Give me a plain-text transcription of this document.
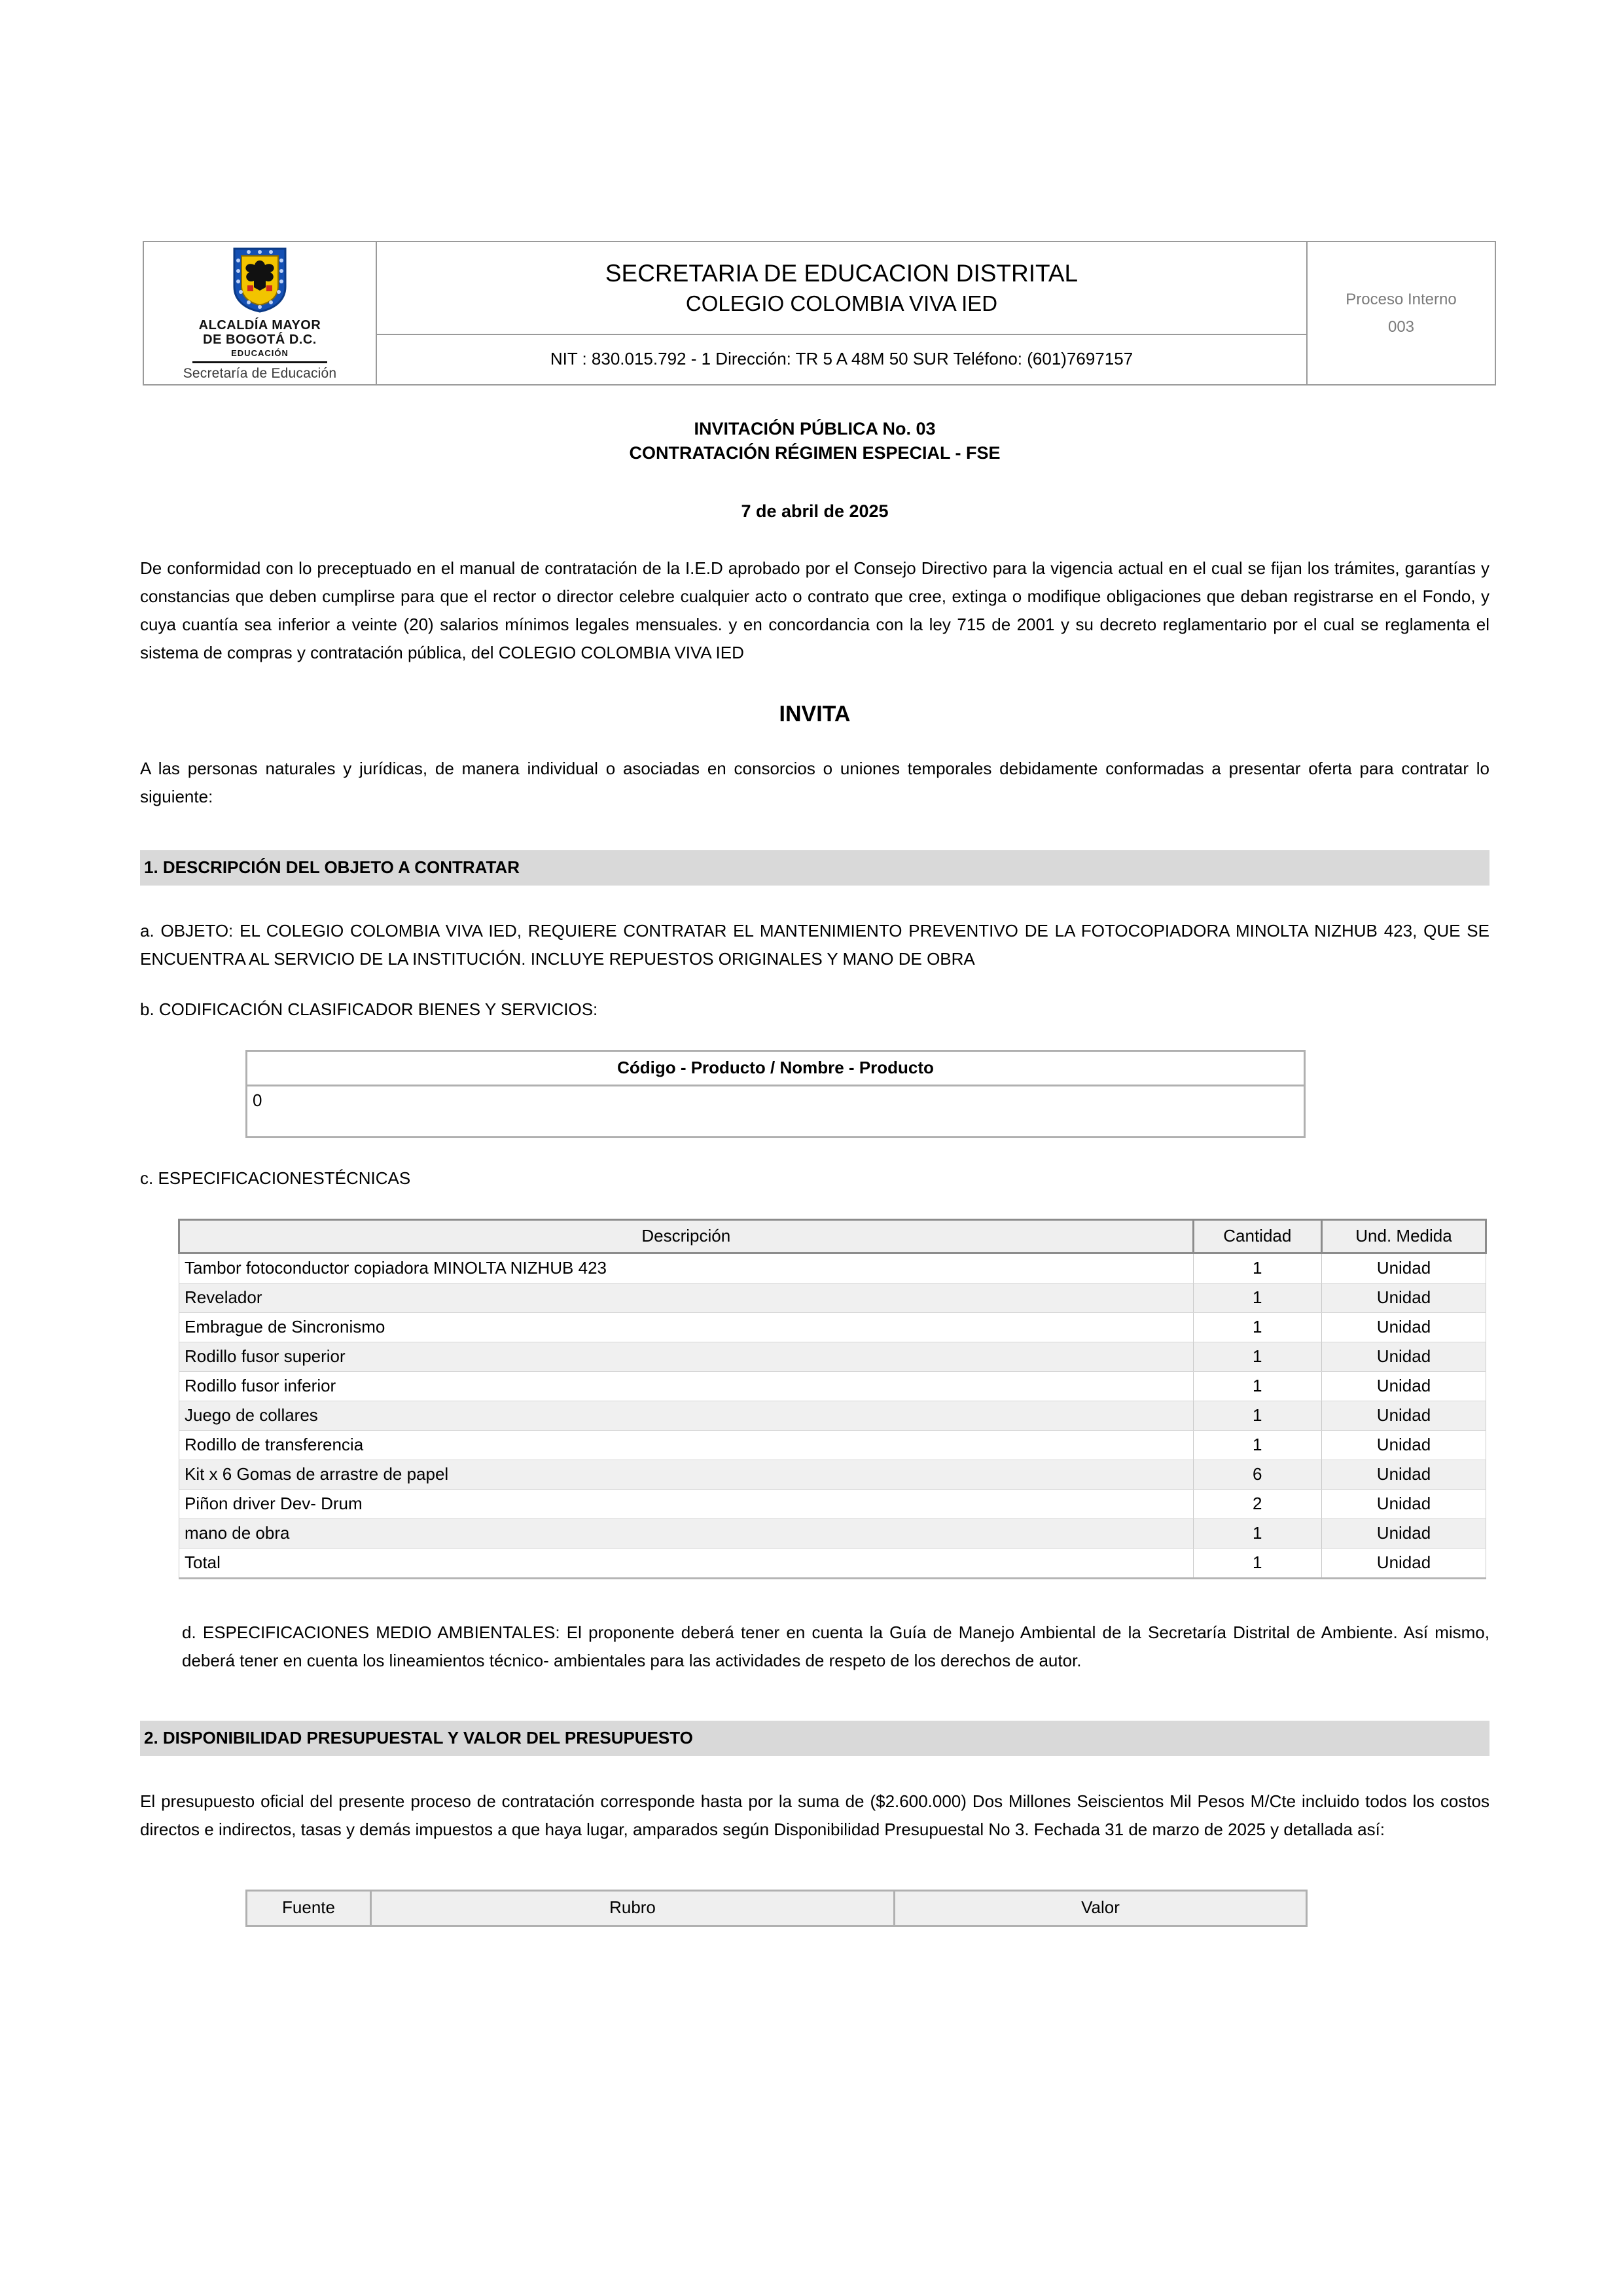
ALCALDÍA MAYOR
DE BOGOTÁ D.C.
EDUCACIÓN
Secretaría de Educación

SECRETARIA DE EDUCACION DISTRITAL
COLEGIO COLOMBIA VIVA IED	Proceso Interno
003

NIT : 830.015.792 - 1 Dirección: TR 5 A 48M 50 SUR Teléfono: (601)7697157
INVITACIÓN PÚBLICA No. 03
CONTRATACIÓN RÉGIMEN ESPECIAL - FSE
7 de abril de 2025

De conformidad con lo preceptuado en el manual de contratación de la I.E.D aprobado por el Consejo Directivo para la vigencia actual en el cual se fijan los trámites, garantías y constancias que deben cumplirse para que el rector o director celebre cualquier acto o contrato que cree, extinga o modifique obligaciones que deban registrarse en el Fondo, y cuya cuantía sea inferior a veinte (20) salarios mínimos legales mensuales. y en concordancia con la ley 715 de 2001 y su decreto reglamentario por el cual se reglamenta el sistema de compras y contratación pública, del COLEGIO COLOMBIA VIVA IED

INVITA

A las personas naturales y jurídicas, de manera individual o asociadas en consorcios o uniones temporales debidamente conformadas a presentar oferta para contratar lo siguiente:

1. DESCRIPCIÓN DEL OBJETO A CONTRATAR

a. OBJETO: EL COLEGIO COLOMBIA VIVA IED, REQUIERE CONTRATAR EL MANTENIMIENTO PREVENTIVO DE LA FOTOCOPIADORA MINOLTA NIZHUB 423, QUE SE ENCUENTRA AL SERVICIO DE LA INSTITUCIÓN. INCLUYE REPUESTOS ORIGINALES Y MANO DE OBRA

b. CODIFICACIÓN CLASIFICADOR BIENES Y SERVICIOS:

Código - Producto / Nombre - Producto
0

c. ESPECIFICACIONESTÉCNICAS

Descripción	Cantidad	Und. Medida
Tambor fotoconductor copiadora MINOLTA NIZHUB 423	1	Unidad
Revelador	1	Unidad
Embrague de Sincronismo	1	Unidad
Rodillo fusor superior	1	Unidad
Rodillo fusor inferior	1	Unidad
Juego de collares	1	Unidad
Rodillo de transferencia	1	Unidad
Kit x 6 Gomas de arrastre de papel	6	Unidad
Piñon driver Dev- Drum	2	Unidad
mano de obra	1	Unidad
Total	1	Unidad

d. ESPECIFICACIONES MEDIO AMBIENTALES: El proponente deberá tener en cuenta la Guía de Manejo Ambiental de la Secretaría Distrital de Ambiente. Así mismo, deberá tener en cuenta los lineamientos técnico- ambientales para las actividades de respeto de los derechos de autor.

2. DISPONIBILIDAD PRESUPUESTAL Y VALOR DEL PRESUPUESTO

El presupuesto oficial del presente proceso de contratación corresponde hasta por la suma de ($2.600.000) Dos Millones Seiscientos Mil Pesos M/Cte incluido todos los costos directos e indirectos, tasas y demás impuestos a que haya lugar, amparados según Disponibilidad Presupuestal No 3. Fechada 31 de marzo de 2025 y detallada así:

Fuente	Rubro	Valor
